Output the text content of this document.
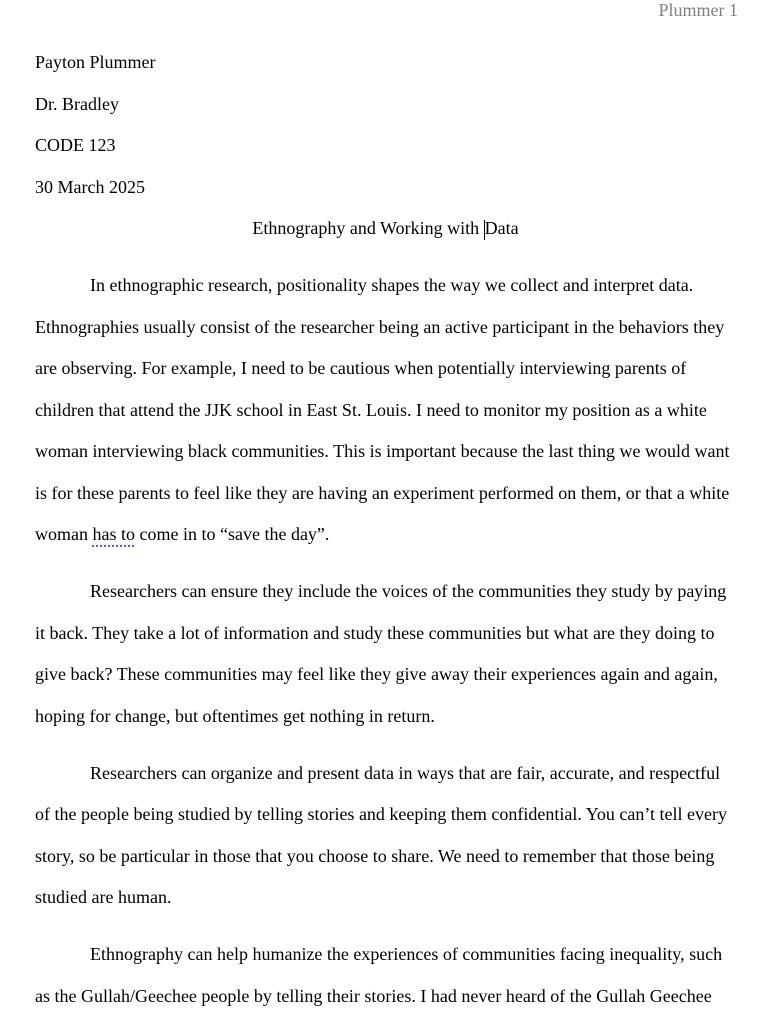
Plummer 1
Payton Plummer
Dr. Bradley
CODE 123
30 March 2025
Ethnography and Working with Data
In ethnographic research, positionality shapes the way we collect and interpret data.
Ethnographies usually consist of the researcher being an active participant in the behaviors they
are observing. For example, I need to be cautious when potentially interviewing parents of
children that attend the JJK school in East St. Louis. I need to monitor my position as a white
woman interviewing black communities. This is important because the last thing we would want
is for these parents to feel like they are having an experiment performed on them, or that a white
woman has to come in to “save the day”.
Researchers can ensure they include the voices of the communities they study by paying
it back. They take a lot of information and study these communities but what are they doing to
give back? These communities may feel like they give away their experiences again and again,
hoping for change, but oftentimes get nothing in return.
Researchers can organize and present data in ways that are fair, accurate, and respectful
of the people being studied by telling stories and keeping them confidential. You can’t tell every
story, so be particular in those that you choose to share. We need to remember that those being
studied are human.
Ethnography can help humanize the experiences of communities facing inequality, such
as the Gullah/Geechee people by telling their stories. I had never heard of the Gullah Geechee
